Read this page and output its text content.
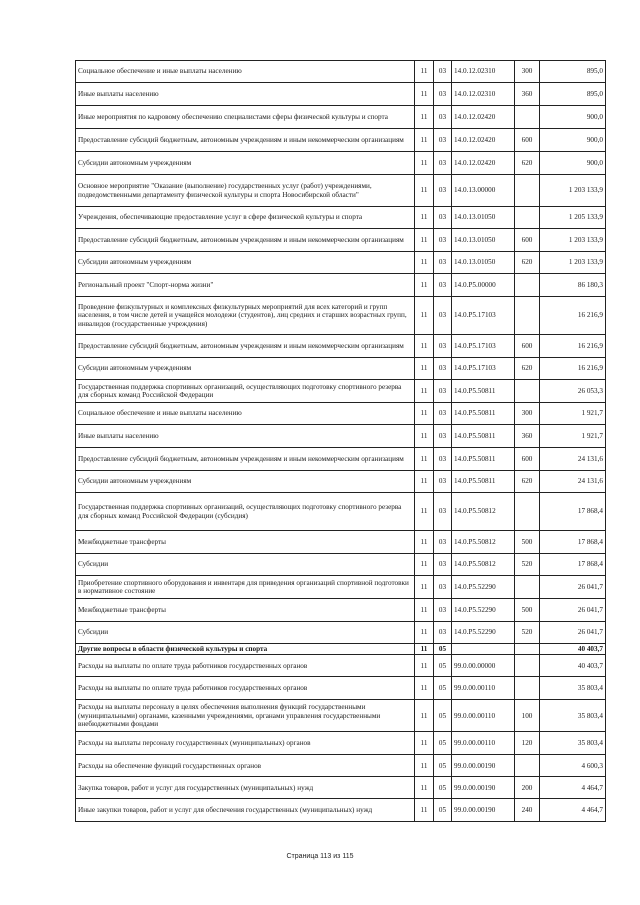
Социальное обеспечение и иные выплаты населению	11	03	14.0.12.02310	300	895,0
Иные выплаты населению	11	03	14.0.12.02310	360	895,0
Иные мероприятия по кадровому обеспечению специалистами сферы физической культуры и спорта	11	03	14.0.12.02420		900,0
Предоставление субсидий бюджетным, автономным учреждениям и иным некоммерческим организациям	11	03	14.0.12.02420	600	900,0
Субсидии автономным учреждениям	11	03	14.0.12.02420	620	900,0
Основное мероприятие "Оказание (выполнение) государственных услуг (работ) учреждениями, подведомственными департаменту физической культуры и спорта Новосибирской области"	11	03	14.0.13.00000		1 203 133,9
Учреждения, обеспечивающие предоставление услуг в сфере физической культуры и спорта	11	03	14.0.13.01050		1 205 133,9
Предоставление субсидий бюджетным, автономным учреждениям и иным некоммерческим организациям	11	03	14.0.13.01050	600	1 203 133,9
Субсидии автономным учреждениям	11	03	14.0.13.01050	620	1 203 133,9
Региональный проект "Спорт-норма жизни"	11	03	14.0.P5.00000		86 180,3
Проведение физкультурных и комплексных физкультурных мероприятий для всех категорий и групп населения, в том числе детей и учащейся молодежи (студентов), лиц средних и старших возрастных групп, инвалидов (государственные учреждения)	11	03	14.0.P5.17103		16 216,9
Предоставление субсидий бюджетным, автономным учреждениям и иным некоммерческим организациям	11	03	14.0.P5.17103	600	16 216,9
Субсидии автономным учреждениям	11	03	14.0.P5.17103	620	16 216,9
Государственная поддержка спортивных организаций, осуществляющих подготовку спортивного резерва для сборных команд Российской Федерации	11	03	14.0.P5.50811		26 053,3
Социальное обеспечение и иные выплаты населению	11	03	14.0.P5.50811	300	1 921,7
Иные выплаты населению	11	03	14.0.P5.50811	360	1 921,7
Предоставление субсидий бюджетным, автономным учреждениям и иным некоммерческим организациям	11	03	14.0.P5.50811	600	24 131,6
Субсидии автономным учреждениям	11	03	14.0.P5.50811	620	24 131,6
Государственная поддержка спортивных организаций, осуществляющих подготовку спортивного резерва для сборных команд Российской Федерации (субсидия)	11	03	14.0.P5.50812		17 868,4
Межбюджетные трансферты	11	03	14.0.P5.50812	500	17 868,4
Субсидии	11	03	14.0.P5.50812	520	17 868,4
Приобретение спортивного оборудования и инвентаря для приведения организаций спортивной подготовки в нормативное состояние	11	03	14.0.P5.52290		26 041,7
Межбюджетные трансферты	11	03	14.0.P5.52290	500	26 041,7
Субсидии	11	03	14.0.P5.52290	520	26 041,7
Другие вопросы в области физической культуры и спорта	11	05			40 403,7
Расходы на выплаты по оплате труда работников государственных органов	11	05	99.0.00.00000		40 403,7
Расходы на выплаты по оплате труда работников государственных органов	11	05	99.0.00.00110		35 803,4
Расходы на выплаты персоналу в целях обеспечения выполнения функций государственными (муниципальными) органами, казенными учреждениями, органами управления государственными внебюджетными фондами	11	05	99.0.00.00110	100	35 803,4
Расходы на выплаты персоналу государственных (муниципальных) органов	11	05	99.0.00.00110	120	35 803,4
Расходы на обеспечение функций государственных органов	11	05	99.0.00.00190		4 600,3
Закупка товаров, работ и услуг для государственных (муниципальных) нужд	11	05	99.0.00.00190	200	4 464,7
Иные закупки товаров, работ и услуг для обеспечения государственных (муниципальных) нужд	11	05	99.0.00.00190	240	4 464,7
Страница 113 из 115
